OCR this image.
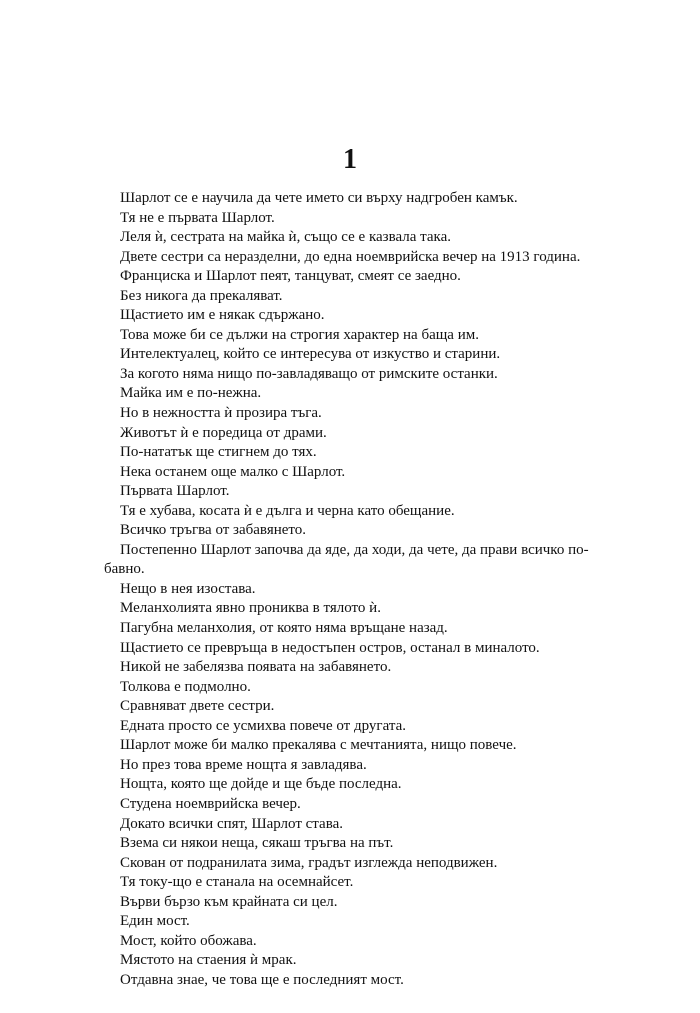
1

Шарлот се е научила да чете името си върху надгробен камък.

Тя не е първата Шарлот.

Леля ѝ, сестрата на майка ѝ, също се е казвала така.

Двете сестри са неразделни, до една ноемврийска вечер на 1913 година.

Франциска и Шарлот пеят, танцуват, смеят се заедно.

Без никога да прекаляват.

Щастието им е някак сдържано.

Това може би се дължи на строгия характер на баща им.

Интелектуалец, който се интересува от изкуство и старини.

За когото няма нищо по-завладяващо от римските останки.

Майка им е по-нежна.

Но в нежността ѝ прозира тъга.

Животът ѝ е поредица от драми.

По-нататък ще стигнем до тях.

Нека останем още малко с Шарлот.

Първата Шарлот.

Тя е хубава, косата ѝ е дълга и черна като обещание.

Всичко тръгва от забавянето.

Постепенно Шарлот започва да яде, да ходи, да чете, да прави всичко по-

бавно.

Нещо в нея изостава.

Меланхолията явно прониква в тялото ѝ.

Пагубна меланхолия, от която няма връщане назад.

Щастието се превръща в недостъпен остров, останал в миналото.

Никой не забелязва появата на забавянето.

Толкова е подмолно.

Сравняват двете сестри.

Едната просто се усмихва повече от другата.

Шарлот може би малко прекалява с мечтанията, нищо повече.

Но през това време нощта я завладява.

Нощта, която ще дойде и ще бъде последна.

Студена ноемврийска вечер.

Докато всички спят, Шарлот става.

Взема си някои неща, сякаш тръгва на път.

Скован от подранилата зима, градът изглежда неподвижен.

Тя току-що е станала на осемнайсет.

Върви бързо към крайната си цел.

Един мост.

Мост, който обожава.

Мястото на стаения ѝ мрак.

Отдавна знае, че това ще е последният мост.
